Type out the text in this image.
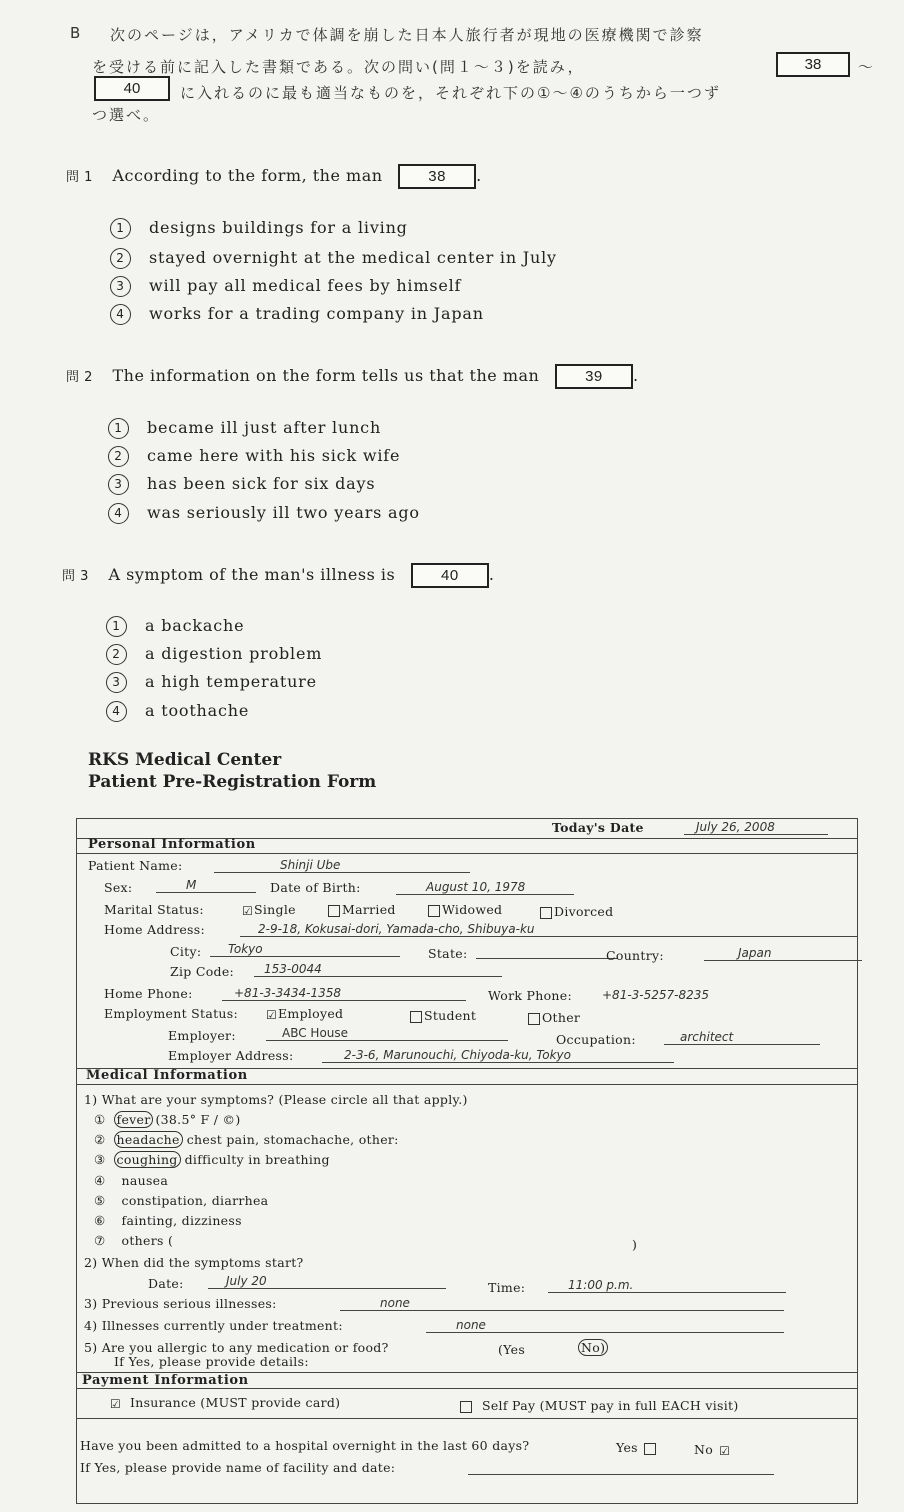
B 次のページは，アメリカで体調を崩した日本人旅行者が現地の医療機関で診察
を受ける前に記入した書類である。次の問い(問１～３)を読み，	38	～
40	に入れるのに最も適当なものを，それぞれ下の①～④のうちから一つず
つ選べ。
問 1 According to the form, the man	38 .
1 designs buildings for a living
2 stayed overnight at the medical center in July
3 will pay all medical fees by himself
4 works for a trading company in Japan
問 2 The information on the form tells us that the man	39 .
1 became ill just after lunch
2 came here with his sick wife
3 has been sick for six days
4 was seriously ill two years ago
問 3 A symptom of the man's illness is	40 .
1 a backache
2 a digestion problem
3 a high temperature
4 a toothache
RKS Medical Center
Patient Pre-Registration Form
Today's Date	July 26, 2008
Personal Information
Patient Name:	Shinji Ube
Sex:	M	Date of Birth:	August 10, 1978
Marital Status:	☑Single	Married	Widowed	Divorced
Home Address:	2-9-18, Kokusai-dori, Yamada-cho, Shibuya-ku
City:	Tokyo	State:	Country:	Japan
Zip Code:	153-0044
Home Phone:	+81-3-3434-1358	Work Phone:	+81-3-5257-8235
Employment Status: ☑Employed	Student	Other
Employer:	ABC House	Occupation:	architect
Employer Address:	2-3-6, Marunouchi, Chiyoda-ku, Tokyo
Medical Information
1) What are your symptoms? (Please circle all that apply.)
① fever (38.5° F / ©)
② headache chest pain, stomachache, other:
③ coughing difficulty in breathing
④ nausea
⑤ constipation, diarrhea
⑥ fainting, dizziness
⑦ others (	)
2) When did the symptoms start?
Date:	July 20	Time:	11:00 p.m.
3) Previous serious illnesses:	none
4) Illnesses currently under treatment:	none
5) Are you allergic to any medication or food?	(Yes	No)
If Yes, please provide details:
Payment Information
☑ Insurance (MUST provide card)	Self Pay (MUST pay in full EACH visit)
Have you been admitted to a hospital overnight in the last 60 days?	Yes	No ☑
If Yes, please provide name of facility and date:
